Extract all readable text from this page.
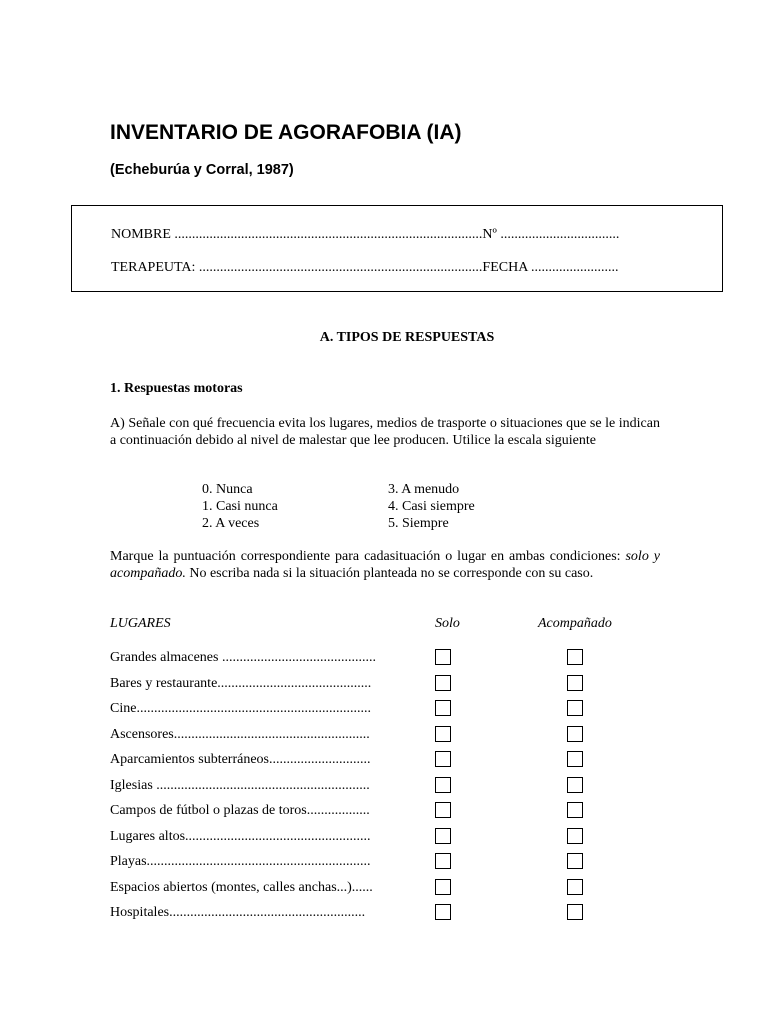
INVENTARIO DE AGORAFOBIA (IA)

(Echeburúa y Corral, 1987)

NOMBRE ........................................................................................Nº ..................................
TERAPEUTA: .................................................................................FECHA .........................
A. TIPOS DE RESPUESTAS
1. Respuestas motoras

A) Señale con qué frecuencia evita los lugares, medios de trasporte o situaciones que se le indican a continuación debido al nivel de malestar que lee producen. Utilice la escala siguiente

0. Nunca
1. Casi nunca
2. A veces
3. A menudo
4. Casi siempre
5. Siempre

Marque la puntuación correspondiente para cadasituación o lugar en ambas condiciones: solo y acompañado. No escriba nada si la situación planteada no se corresponde con su caso.

LUGARES	Solo	Acompañado
Grandes almacenes ............................................
Bares y restaurante............................................
Cine...................................................................
Ascensores........................................................
Aparcamientos subterráneos.............................
Iglesias .............................................................
Campos de fútbol o plazas de toros..................
Lugares altos.....................................................
Playas................................................................
Espacios abiertos (montes, calles anchas...)......
Hospitales........................................................
